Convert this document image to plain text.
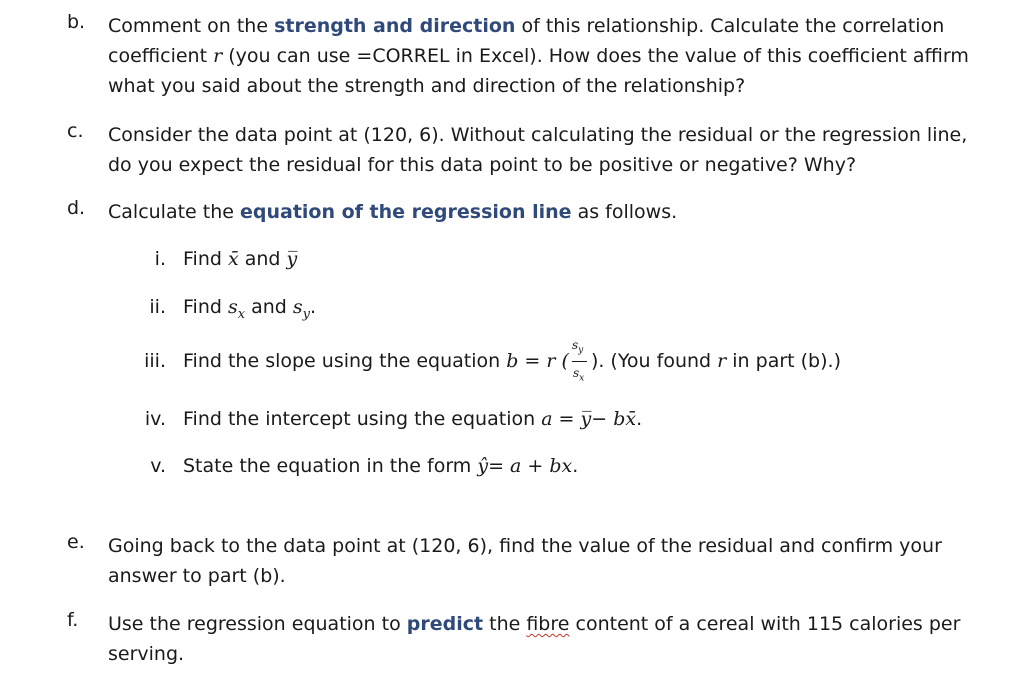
b. Comment on the strength and direction of this relationship. Calculate the correlation coefficient r (you can use =CORREL in Excel). How does the value of this coefficient affirm what you said about the strength and direction of the relationship?
c. Consider the data point at (120, 6). Without calculating the residual or the regression line, do you expect the residual for this data point to be positive or negative? Why?
d. Calculate the equation of the regression line as follows.
i. Find x̄ and y̅
ii. Find $s_x$ and $s_y$.
iii. Find the slope using the equation b = r ( $\frac{s_y}{s_x}$ ). (You found r in part (b).)
iv. Find the intercept using the equation a = y̅− bx̄.
v. State the equation in the form ŷ= a + bx.
e. Going back to the data point at (120, 6), find the value of the residual and confirm your answer to part (b).
f. Use the regression equation to predict the fibre content of a cereal with 115 calories per serving.
